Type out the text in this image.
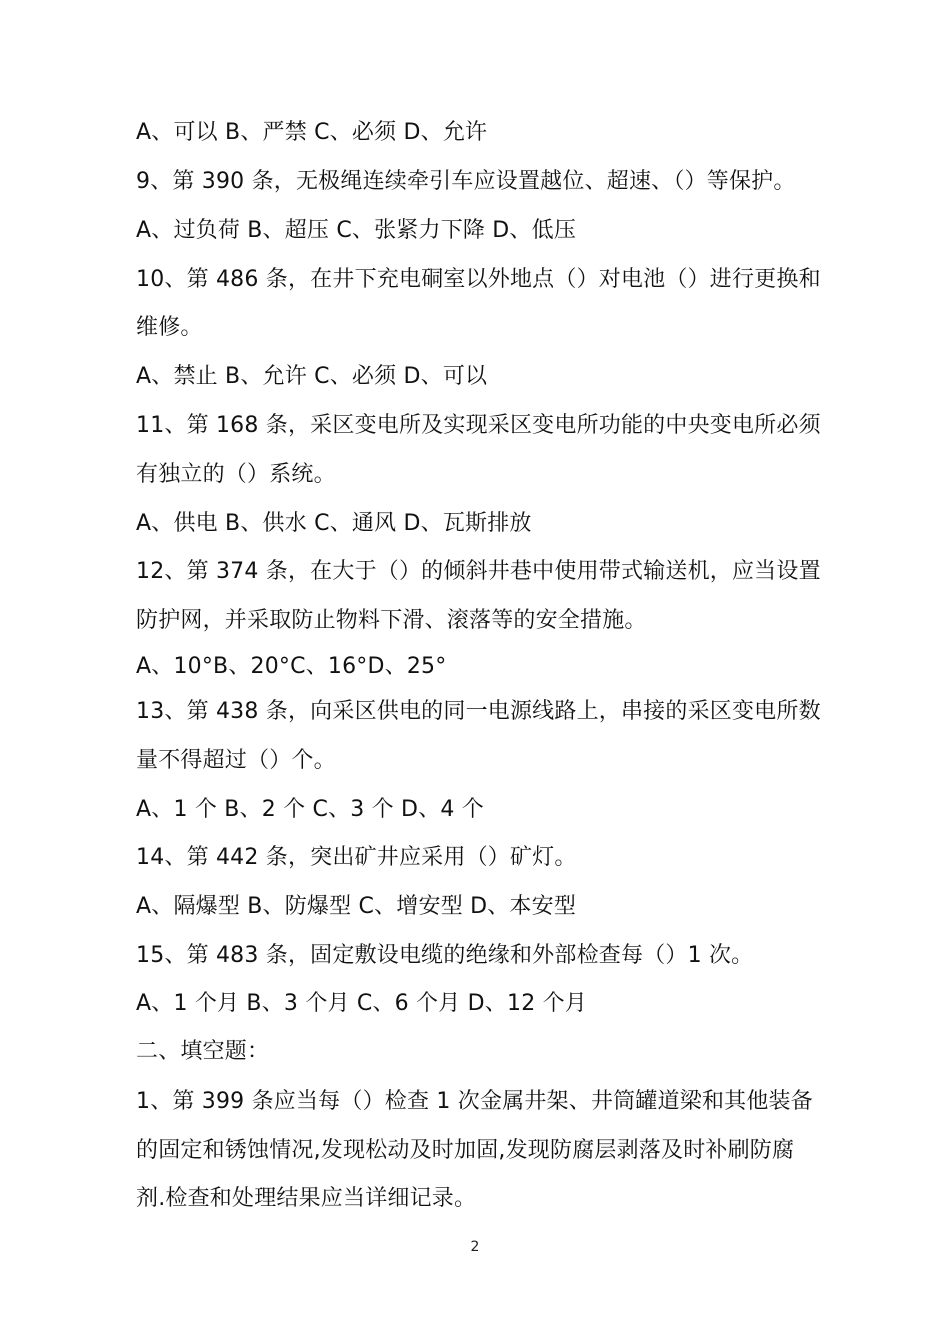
A、可以 B、严禁 C、必须 D、允许
9、第 390 条，无极绳连续牵引车应设置越位、超速、（）等保护。
A、过负荷 B、超压 C、张紧力下降 D、低压
10、第 486 条，在井下充电硐室以外地点（）对电池（）进行更换和
维修。
A、禁止 B、允许 C、必须 D、可以
11、第 168 条，采区变电所及实现采区变电所功能的中央变电所必须
有独立的（）系统。
A、供电 B、供水 C、通风 D、瓦斯排放
12、第 374 条，在大于（）的倾斜井巷中使用带式输送机，应当设置
防护网，并采取防止物料下滑、滚落等的安全措施。
A、10°B、20°C、16°D、25°
13、第 438 条，向采区供电的同一电源线路上，串接的采区变电所数
量不得超过（）个。
A、1 个 B、2 个 C、3 个 D、4 个
14、第 442 条，突出矿井应采用（）矿灯。
A、隔爆型 B、防爆型 C、增安型 D、本安型
15、第 483 条，固定敷设电缆的绝缘和外部检查每（）1 次。
A、1 个月 B、3 个月 C、6 个月 D、12 个月
二、填空题：
1、第 399 条应当每（）检查 1 次金属井架、井筒罐道梁和其他装备
的固定和锈蚀情况,发现松动及时加固,发现防腐层剥落及时补刷防腐
剂.检查和处理结果应当详细记录。
2
